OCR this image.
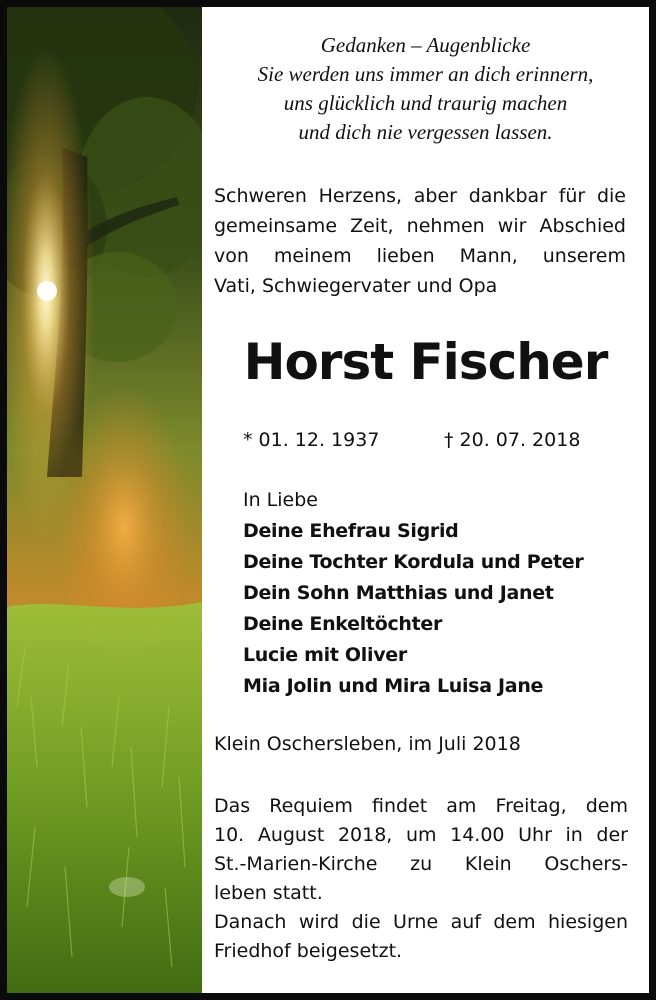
Gedanken – Augenblicke
Sie werden uns immer an dich erinnern,
uns glücklich und traurig machen
und dich nie vergessen lassen.
Schweren Herzens, aber dankbar für die
gemeinsame Zeit, nehmen wir Abschied
von meinem lieben Mann, unserem
Vati, Schwiegervater und Opa
Horst Fischer
* 01. 12. 1937	† 20. 07. 2018
In Liebe
Deine Ehefrau Sigrid
Deine Tochter Kordula und Peter
Dein Sohn Matthias und Janet
Deine Enkeltöchter
Lucie mit Oliver
Mia Jolin und Mira Luisa Jane
Klein Oschersleben, im Juli 2018
Das Requiem findet am Freitag, dem
10. August 2018, um 14.00 Uhr in der
St.-Marien-Kirche zu Klein Oschers-
leben statt.
Danach wird die Urne auf dem hiesigen
Friedhof beigesetzt.
